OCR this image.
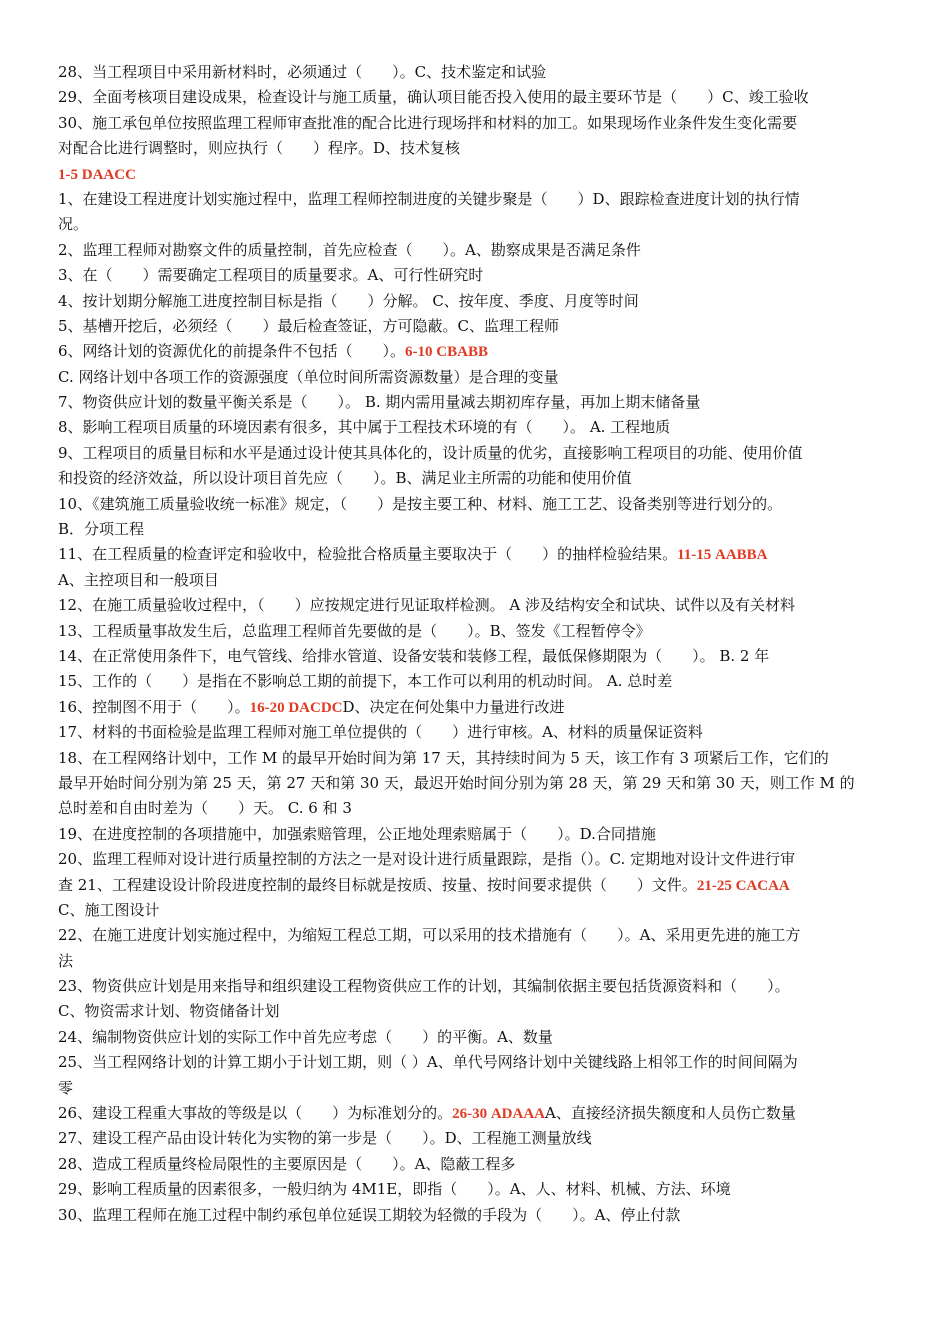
28、当工程项目中采用新材料时，必须通过（　　）。C、技术鉴定和试验
29、全面考核项目建设成果，检查设计与施工质量，确认项目能否投入使用的最主要环节是（　　）C、竣工验收
30、施工承包单位按照监理工程师审查批准的配合比进行现场拌和材料的加工。如果现场作业条件发生变化需要
对配合比进行调整时，则应执行（　　）程序。D、技术复核
1-5 DAACC
1、在建设工程进度计划实施过程中，监理工程师控制进度的关键步聚是（　　）D、跟踪检查进度计划的执行情
况。
2、监理工程师对勘察文件的质量控制，首先应检查（　　）。A、勘察成果是否满足条件
3、在（　　）需要确定工程项目的质量要求。A、可行性研究时
4、按计划期分解施工进度控制目标是指（　　）分解。 C、按年度、季度、月度等时间
5、基槽开挖后，必须经（　　）最后检查签证，方可隐蔽。C、监理工程师
6、网络计划的资源优化的前提条件不包括（　　）。6-10 CBABB
C. 网络计划中各项工作的资源强度（单位时间所需资源数量）是合理的变量
7、物资供应计划的数量平衡关系是（　　）。 B. 期内需用量减去期初库存量，再加上期末储备量
8、影响工程项目质量的环境因素有很多，其中属于工程技术环境的有（　　）。 A. 工程地质
9、工程项目的质量目标和水平是通过设计使其具体化的，设计质量的优劣，直接影响工程项目的功能、使用价值
和投资的经济效益，所以设计项目首先应（　　）。B、满足业主所需的功能和使用价值
10、《建筑施工质量验收统一标准》规定，（　　）是按主要工种、材料、施工工艺、设备类别等进行划分的。
B．分项工程
11、在工程质量的检查评定和验收中，检验批合格质量主要取决于（　　）的抽样检验结果。11-15 AABBA
A、主控项目和一般项目
12、在施工质量验收过程中，（　　）应按规定进行见证取样检测。 A 涉及结构安全和试块、试件以及有关材料
13、工程质量事故发生后，总监理工程师首先要做的是（　　）。B、签发《工程暂停令》
14、在正常使用条件下，电气管线、给排水管道、设备安装和装修工程，最低保修期限为（　　）。 B. 2 年
15、工作的（　　）是指在不影响总工期的前提下，本工作可以利用的机动时间。 A. 总时差
16、控制图不用于（　　）。16-20 DACDCD、决定在何处集中力量进行改进
17、材料的书面检验是监理工程师对施工单位提供的（　　）进行审核。A、材料的质量保证资料
18、在工程网络计划中，工作 M 的最早开始时间为第 17 天，其持续时间为 5 天，该工作有 3 项紧后工作，它们的
最早开始时间分别为第 25 天，第 27 天和第 30 天，最迟开始时间分别为第 28 天，第 29 天和第 30 天，则工作 M 的
总时差和自由时差为（　　）天。 C. 6 和 3
19、在进度控制的各项措施中，加强索赔管理，公正地处理索赔属于（　　）。D.合同措施
20、监理工程师对设计进行质量控制的方法之一是对设计进行质量跟踪，是指（）。C. 定期地对设计文件进行审
查 21、工程建设设计阶段进度控制的最终目标就是按质、按量、按时间要求提供（　　）文件。21-25 CACAA
C、施工图设计
22、在施工进度计划实施过程中，为缩短工程总工期，可以采用的技术措施有（　　）。A、采用更先进的施工方
法
23、物资供应计划是用来指导和组织建设工程物资供应工作的计划，其编制依据主要包括货源资料和（　　）。
C、物资需求计划、物资储备计划
24、编制物资供应计划的实际工作中首先应考虑（　　）的平衡。A、数量
25、当工程网络计划的计算工期小于计划工期，则（ ）A、单代号网络计划中关键线路上相邻工作的时间间隔为
零
26、建设工程重大事故的等级是以（　　）为标准划分的。26-30 ADAAAA、直接经济损失额度和人员伤亡数量
27、建设工程产品由设计转化为实物的第一步是（　　）。D、工程施工测量放线
28、造成工程质量终检局限性的主要原因是（　　）。A、隐蔽工程多
29、影响工程质量的因素很多，一般归纳为 4M1E，即指（　　）。A、人、材料、机械、方法、环境
30、监理工程师在施工过程中制约承包单位延误工期较为轻微的手段为（　　）。A、停止付款
